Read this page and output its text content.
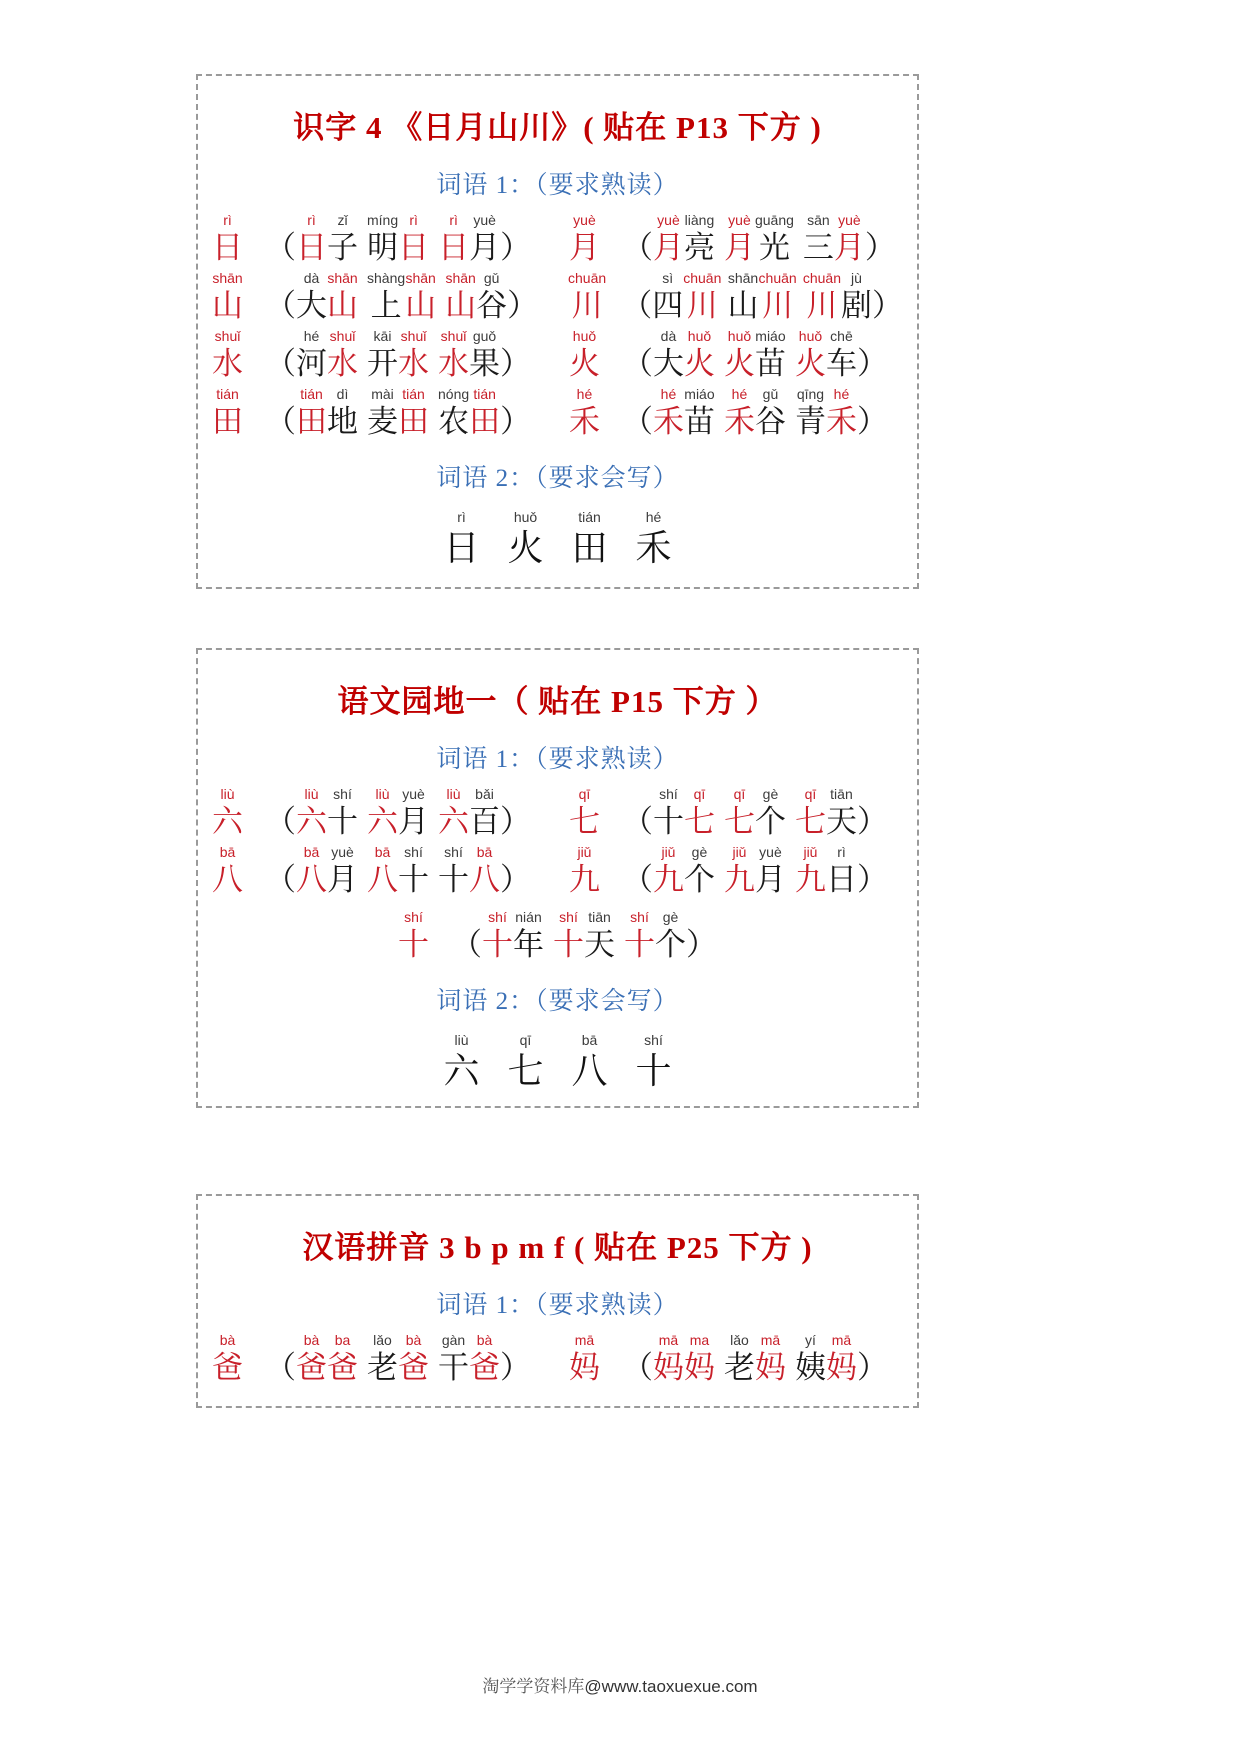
识字 4 《日月山川》( 贴在 P13 下方 )
词语 1：（要求熟读）
rì
日
（
rì
日
zǐ
子
míng
明
rì
日
rì
日
yuè
月
）
yuè
月
（
yuè
月
liàng
亮
yuè
月
guāng
光
sān
三
yuè
月
）
shān
山
（
dà
大
shān
山
shàng
上
shān
山
shān
山
gǔ
谷
）
chuān
川
（
sì
四
chuān
川
shān
山
chuān
川
chuān
川
jù
剧
）
shuǐ
水
（
hé
河
shuǐ
水
kāi
开
shuǐ
水
shuǐ
水
guǒ
果
）
huǒ
火
（
dà
大
huǒ
火
huǒ
火
miáo
苗
huǒ
火
chē
车
）
tián
田
（
tián
田
dì
地
mài
麦
tián
田
nóng
农
tián
田
）
hé
禾
（
hé
禾
miáo
苗
hé
禾
gǔ
谷
qīng
青
hé
禾
）
词语 2：（要求会写）
rì
日
huǒ
火
tián
田
hé
禾
语文园地一（ 贴在 P15 下方 ）
词语 1：（要求熟读）
liù
六
（
liù
六
shí
十
liù
六
yuè
月
liù
六
bǎi
百
）
qī
七
（
shí
十
qī
七
qī
七
gè
个
qī
七
tiān
天
）
bā
八
（
bā
八
yuè
月
bā
八
shí
十
shí
十
bā
八
）
jiǔ
九
（
jiǔ
九
gè
个
jiǔ
九
yuè
月
jiǔ
九
rì
日
）
shí
十
（
shí
十
nián
年
shí
十
tiān
天
shí
十
gè
个
）
词语 2：（要求会写）
liù
六
qī
七
bā
八
shí
十
汉语拼音 3 b p m f ( 贴在 P25 下方 )
词语 1：（要求熟读）
bà
爸
（
bà
爸
ba
爸
lǎo
老
bà
爸
gàn
干
bà
爸
）
mā
妈
（
mā
妈
ma
妈
lǎo
老
mā
妈
yí
姨
mā
妈
）
淘学学资料库@www.taoxuexue.com
